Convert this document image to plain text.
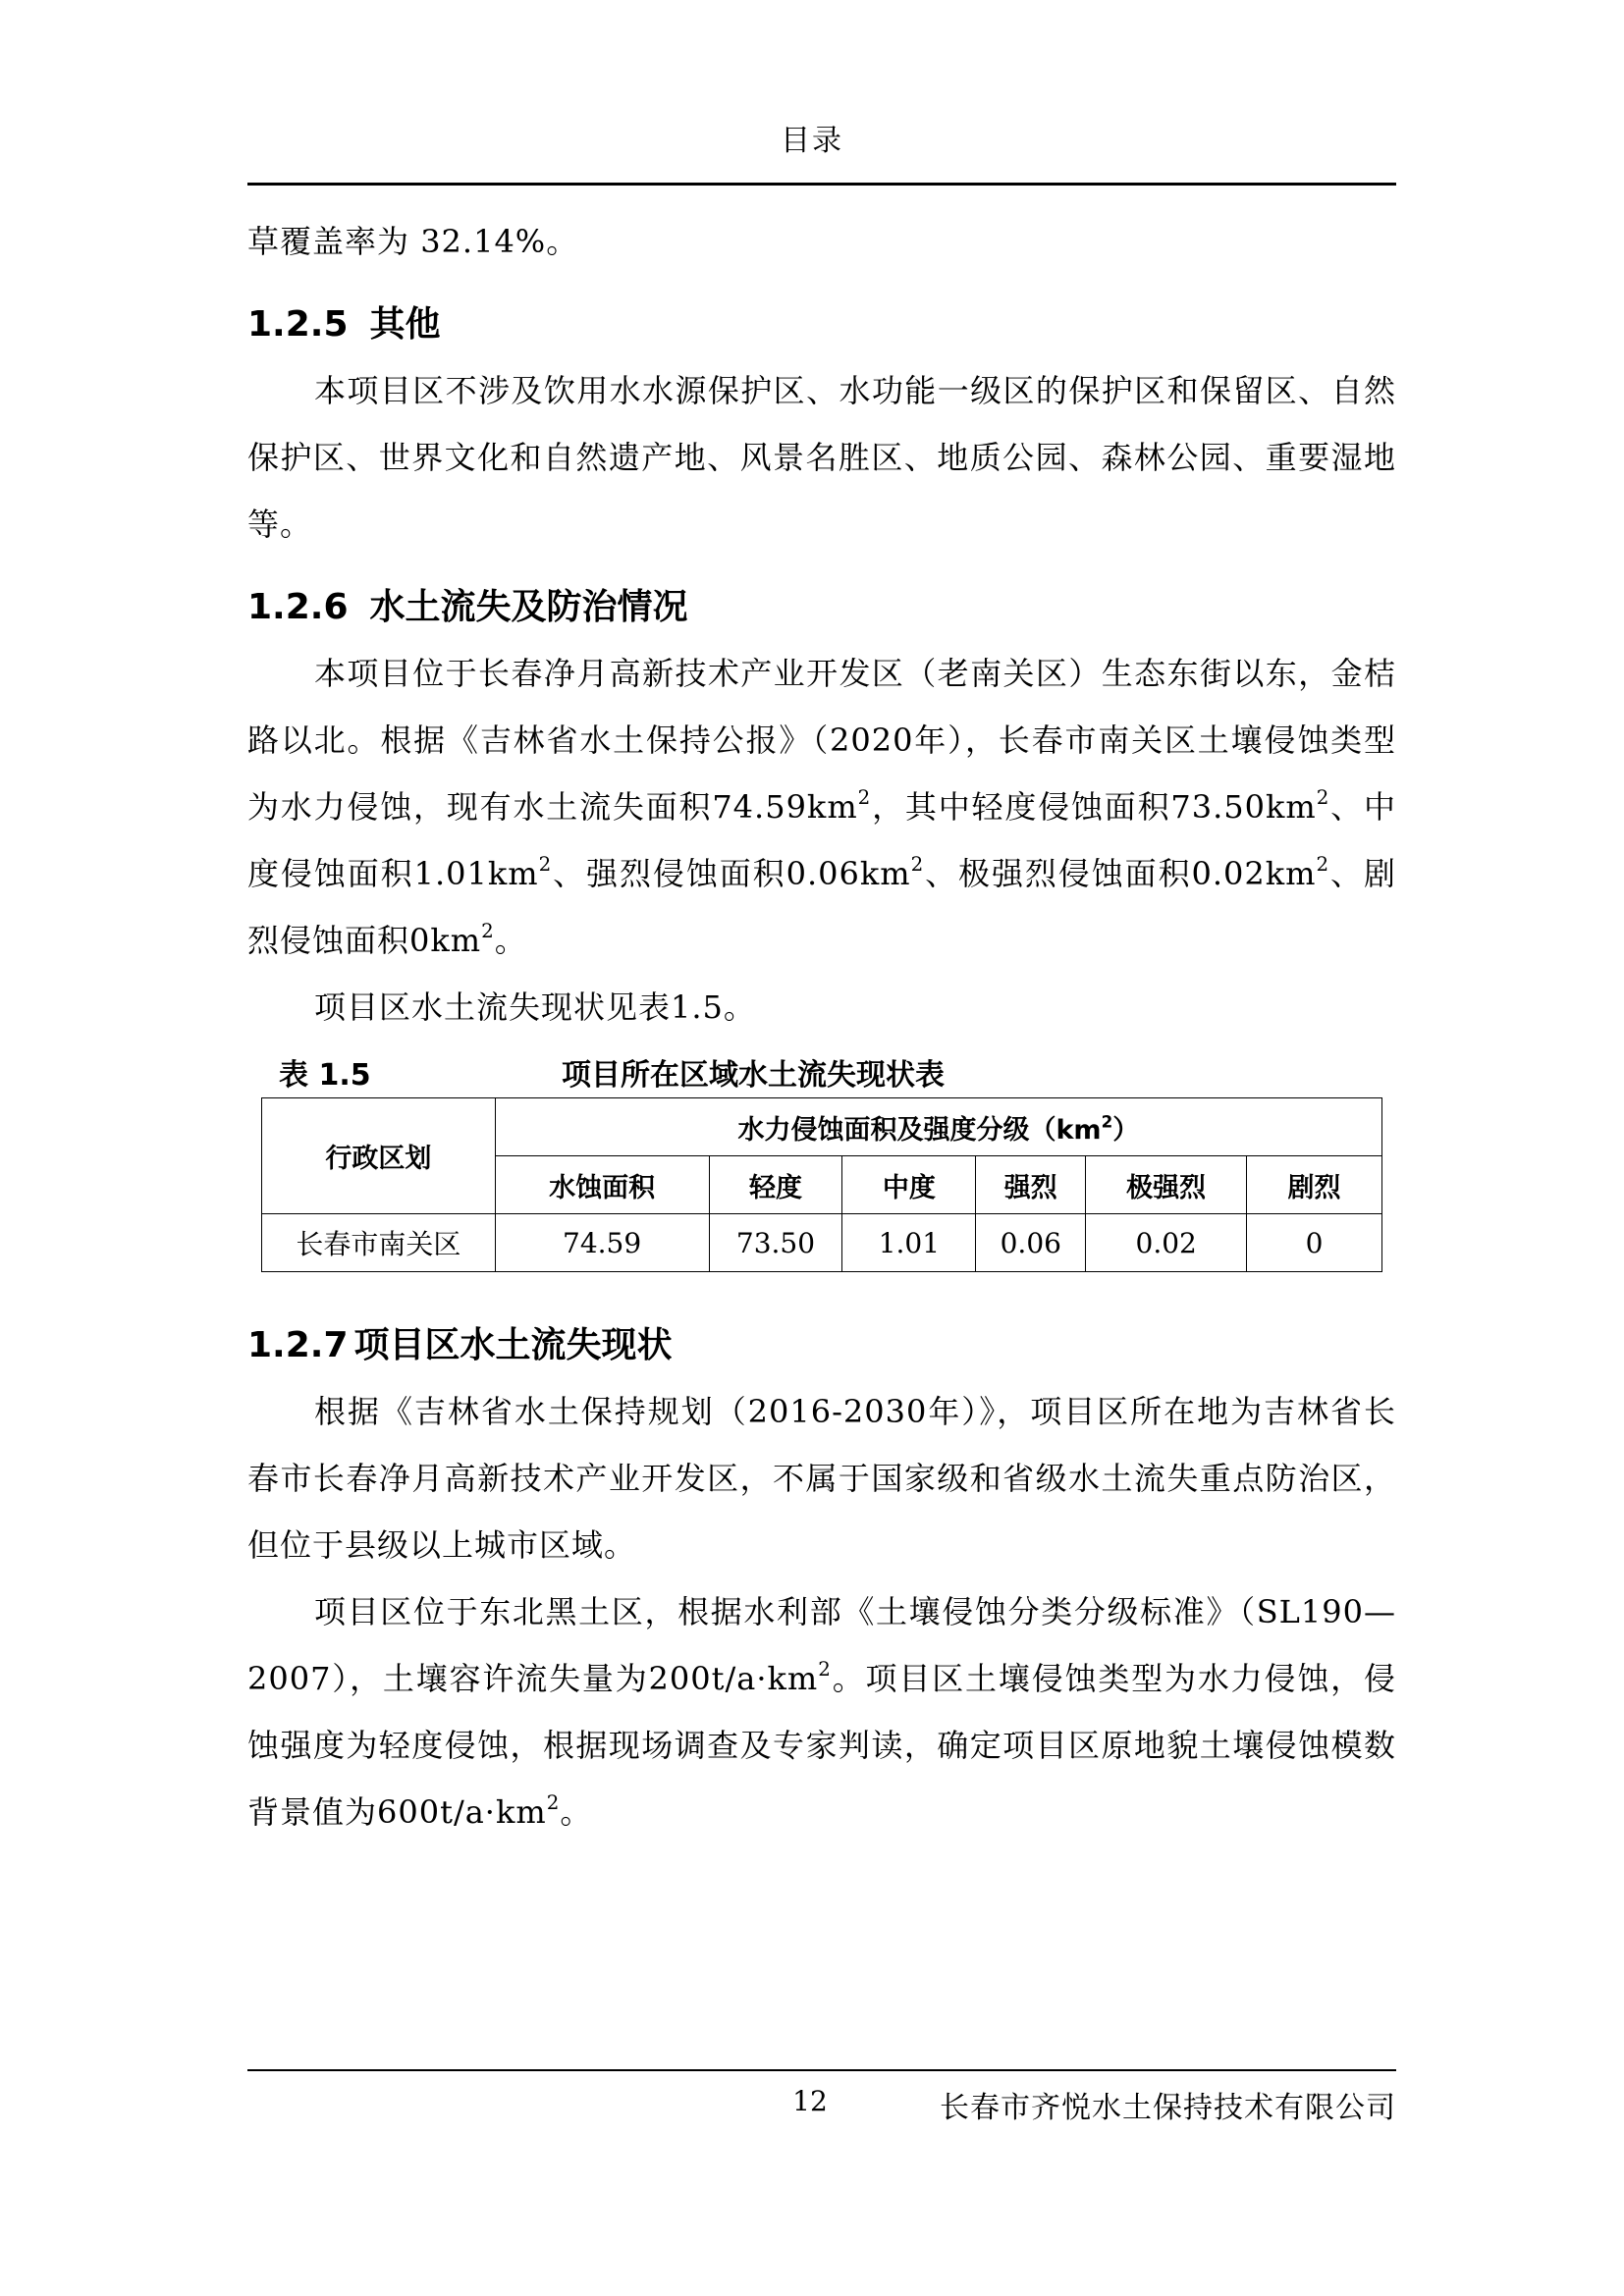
目录

草覆盖率为 32.14%。

1.2.5 其他

本项目区不涉及饮用水水源保护区、水功能一级区的保护区和保留区、自然保护区、世界文化和自然遗产地、风景名胜区、地质公园、森林公园、重要湿地等。

1.2.6 水土流失及防治情况

本项目位于长春净月高新技术产业开发区（老南关区）生态东街以东，金桔路以北。根据《吉林省水土保持公报》（2020年），长春市南关区土壤侵蚀类型为水力侵蚀，现有水土流失面积$74.59km^2$，其中轻度侵蚀面积$73.50km^2$、中度侵蚀面积$1.01km^2$、强烈侵蚀面积$0.06km^2$、极强烈侵蚀面积$0.02km^2$、剧烈侵蚀面积$0km^2$。

项目区水土流失现状见表1.5。

表 1.5	项目所在区域水土流失现状表
行政区划	水力侵蚀面积及强度分级$(km^2)$					
	水蚀面积	轻度	中度	强烈	极强烈	剧烈
长春市南关区	74.59	73.50	1.01	0.06	0.02	0
1.2.7 项目区水土流失现状

根据《吉林省水土保持规划（2016-2030年）》，项目区所在地为吉林省长春市长春净月高新技术产业开发区，不属于国家级和省级水土流失重点防治区，但位于县级以上城市区域。

项目区位于东北黑土区，根据水利部《土壤侵蚀分类分级标准》（SL190—2007），土壤容许流失量为$200t/a\cdot km^2$。项目区土壤侵蚀类型为水力侵蚀，侵蚀强度为轻度侵蚀，根据现场调查及专家判读，确定项目区原地貌土壤侵蚀模数背景值为$600t/a\cdot km^2$。

12	长春市齐悦水土保持技术有限公司
